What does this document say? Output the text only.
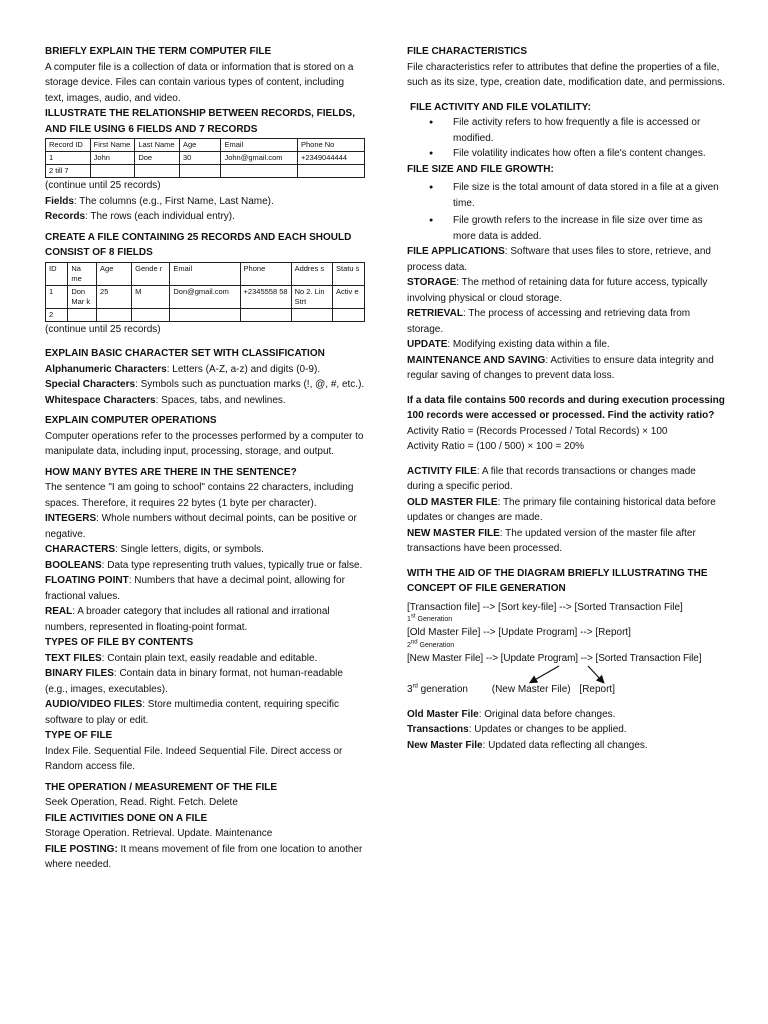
BRIEFLY EXPLAIN THE TERM COMPUTER FILE

A computer file is a collection of data or information that is stored on a storage device. Files can contain various types of content, including text, images, audio, and video.

ILLUSTRATE THE RELATIONSHIP BETWEEN RECORDS, FIELDS, AND FILE USING 6 FIELDS AND 7 RECORDS

Record ID	First Name	Last Name	Age	Email	Phone No
1	John	Doe	30	John@gmail.com	+2349044444
2 till 7					

(continue until 25 records)

Fields: The columns (e.g., First Name, Last Name).

Records: The rows (each individual entry).

CREATE A FILE CONTAINING 25 RECORDS AND EACH SHOULD CONSIST OF 8 FIELDS

ID	Na me	Age	Gende r	Email	Phone	Addres s	Statu s
1	Don Mar k	25	M	Don@gmail.com	+2345558 58	No 2. Lin Strt	Activ e
2							

(continue until 25 records)

EXPLAIN BASIC CHARACTER SET WITH CLASSIFICATION

Alphanumeric Characters: Letters (A-Z, a-z) and digits (0-9).

Special Characters: Symbols such as punctuation marks (!, @, #, etc.).

Whitespace Characters: Spaces, tabs, and newlines.

EXPLAIN COMPUTER OPERATIONS

Computer operations refer to the processes performed by a computer to manipulate data, including input, processing, storage, and output.

HOW MANY BYTES ARE THERE IN THE SENTENCE?

The sentence "I am going to school" contains 22 characters, including spaces. Therefore, it requires 22 bytes (1 byte per character).

INTEGERS: Whole numbers without decimal points, can be positive or negative.

CHARACTERS: Single letters, digits, or symbols.

BOOLEANS: Data type representing truth values, typically true or false.

FLOATING POINT: Numbers that have a decimal point, allowing for fractional values.

REAL: A broader category that includes all rational and irrational numbers, represented in floating-point format.

TYPES OF FILE BY CONTENTS

TEXT FILES: Contain plain text, easily readable and editable.

BINARY FILES: Contain data in binary format, not human-readable (e.g., images, executables).

AUDIO/VIDEO FILES: Store multimedia content, requiring specific software to play or edit.

TYPE OF FILE

Index File. Sequential File. Indeed Sequential File. Direct access or Random access file.

THE OPERATION / MEASUREMENT OF THE FILE

Seek Operation, Read. Right. Fetch. Delete

FILE ACTIVITIES DONE ON A FILE

Storage Operation. Retrieval. Update. Maintenance

FILE POSTING: It means movement of file from one location to another where needed.

FILE CHARACTERISTICS

File characteristics refer to attributes that define the properties of a file, such as its size, type, creation date, modification date, and permissions.

FILE ACTIVITY AND FILE VOLATILITY:

● File activity refers to how frequently a file is accessed or modified.
● File volatility indicates how often a file's content changes.

FILE SIZE AND FILE GROWTH:

● File size is the total amount of data stored in a file at a given time.
● File growth refers to the increase in file size over time as more data is added.

FILE APPLICATIONS: Software that uses files to store, retrieve, and process data.

STORAGE: The method of retaining data for future access, typically involving physical or cloud storage.

RETRIEVAL: The process of accessing and retrieving data from storage.

UPDATE: Modifying existing data within a file.

MAINTENANCE AND SAVING: Activities to ensure data integrity and regular saving of changes to prevent data loss.

If a data file contains 500 records and during execution processing 100 records were accessed or processed. Find the activity ratio?

Activity Ratio = (Records Processed / Total Records) × 100

Activity Ratio = (100 / 500) × 100 = 20%

ACTIVITY FILE: A file that records transactions or changes made during a specific period.

OLD MASTER FILE: The primary file containing historical data before updates or changes are made.

NEW MASTER FILE: The updated version of the master file after transactions have been processed.

WITH THE AID OF THE DIAGRAM BRIEFLY ILLUSTRATING THE CONCEPT OF FILE GENERATION

[Transaction file] --> [Sort key-file] --> [Sorted Transaction File]

1st Generation

[Old Master File] --> [Update Program] --> [Report]

2nd Generation

[New Master File] --> [Update Program] --> [Sorted Transaction File]

3rd generation (New Master File) [Report]

Old Master File: Original data before changes.

Transactions: Updates or changes to be applied.

New Master File: Updated data reflecting all changes.
